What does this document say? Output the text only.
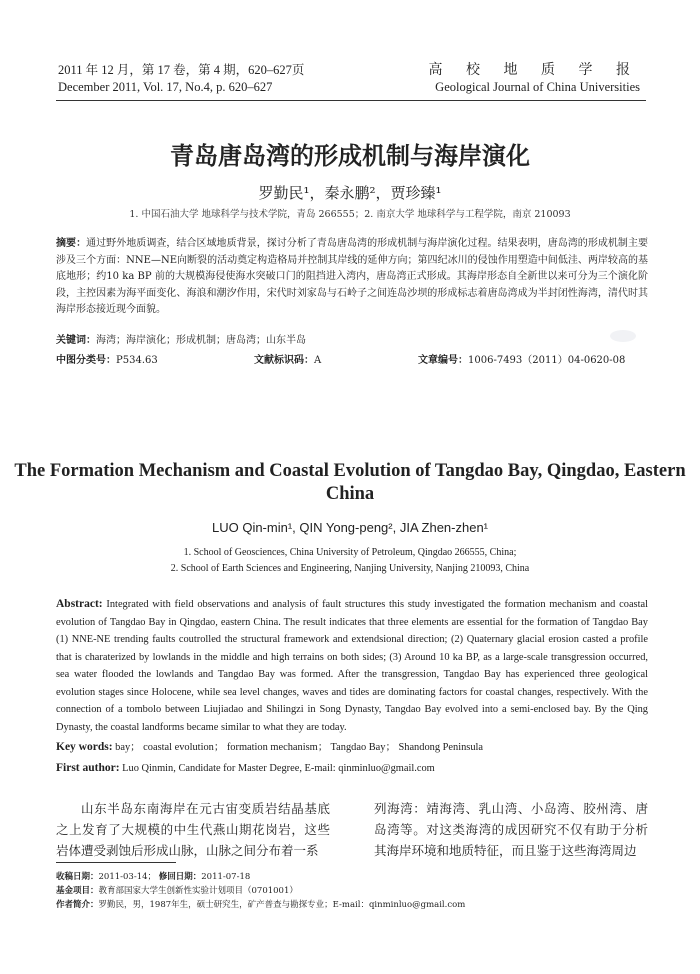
2011 年 12 月，第 17 卷，第 4 期，620–627页
December 2011, Vol. 17, No.4, p. 620–627
高 校 地 质 学 报
Geological Journal of China Universities
青岛唐岛湾的形成机制与海岸演化
罗勤民¹，秦永鹏²，贾珍臻¹
1. 中国石油大学 地球科学与技术学院，青岛 266555；2. 南京大学 地球科学与工程学院，南京 210093
摘要：通过野外地质调查，结合区域地质背景，探讨分析了青岛唐岛湾的形成机制与海岸演化过程。结果表明，唐岛湾的形成机制主要涉及三个方面：NNE—NE向断裂的活动奠定构造格局并控制其岸线的延伸方向；第四纪冰川的侵蚀作用塑造中间低洼、两岸较高的基底地形；约10 ka BP 前的大规模海侵使海水突破口门的阻挡进入湾内，唐岛湾正式形成。其海岸形态自全新世以来可分为三个演化阶段，主控因素为海平面变化、海浪和潮汐作用，宋代时刘家岛与石岭子之间连岛沙坝的形成标志着唐岛湾成为半封闭性海湾，清代时其海岸形态接近现今面貌。
关键词：海湾；海岸演化；形成机制；唐岛湾；山东半岛
中图分类号：P534.63	文献标识码：A	文章编号：1006-7493（2011）04-0620-08
The Formation Mechanism and Coastal Evolution of Tangdao Bay, Qingdao, Eastern China
LUO Qin-min¹, QIN Yong-peng², JIA Zhen-zhen¹
1. School of Geosciences, China University of Petroleum, Qingdao 266555, China;
2. School of Earth Sciences and Engineering, Nanjing University, Nanjing 210093, China
Abstract: Integrated with field observations and analysis of fault structures this study investigated the formation mechanism and coastal evolution of Tangdao Bay in Qingdao, eastern China. The result indicates that three elements are essential for the formation of Tangdao Bay (1) NNE-NE trending faults coutrolled the structural framework and extendsional direction; (2) Quaternary glacial erosion casted a profile that is charaterized by lowlands in the middle and high terrains on both sides; (3) Around 10 ka BP, as a large-scale transgression occurred, sea water flooded the lowlands and Tangdao Bay was formed. After the transgression, Tangdao Bay has experienced three geological evolution stages since Holocene, while sea level changes, waves and tides are dominating factors for coastal changes, respectively. With the connection of a tombolo between Liujiadao and Shilingzi in Song Dynasty, Tangdao Bay evolved into a semi-enclosed bay. By the Qing Dynasty, the coastal landforms became similar to what they are today.
Key words: bay； coastal evolution； formation mechanism； Tangdao Bay； Shandong Peninsula
First author: Luo Qinmin, Candidate for Master Degree, E-mail: qinminluo@gmail.com
山东半岛东南海岸在元古宙变质岩结晶基底之上发育了大规模的中生代燕山期花岗岩，这些岩体遭受剥蚀后形成山脉，山脉之间分布着一系
列海湾：靖海湾、乳山湾、小岛湾、胶州湾、唐岛湾等。对这类海湾的成因研究不仅有助于分析其海岸环境和地质特征，而且鉴于这些海湾周边
收稿日期：2011-03-14； 修回日期：2011-07-18
基金项目：教育部国家大学生创新性实验计划项目（0701001）
作者简介：罗勤民，男，1987年生，硕士研究生，矿产普查与勘探专业；E-mail：qinminluo@gmail.com
